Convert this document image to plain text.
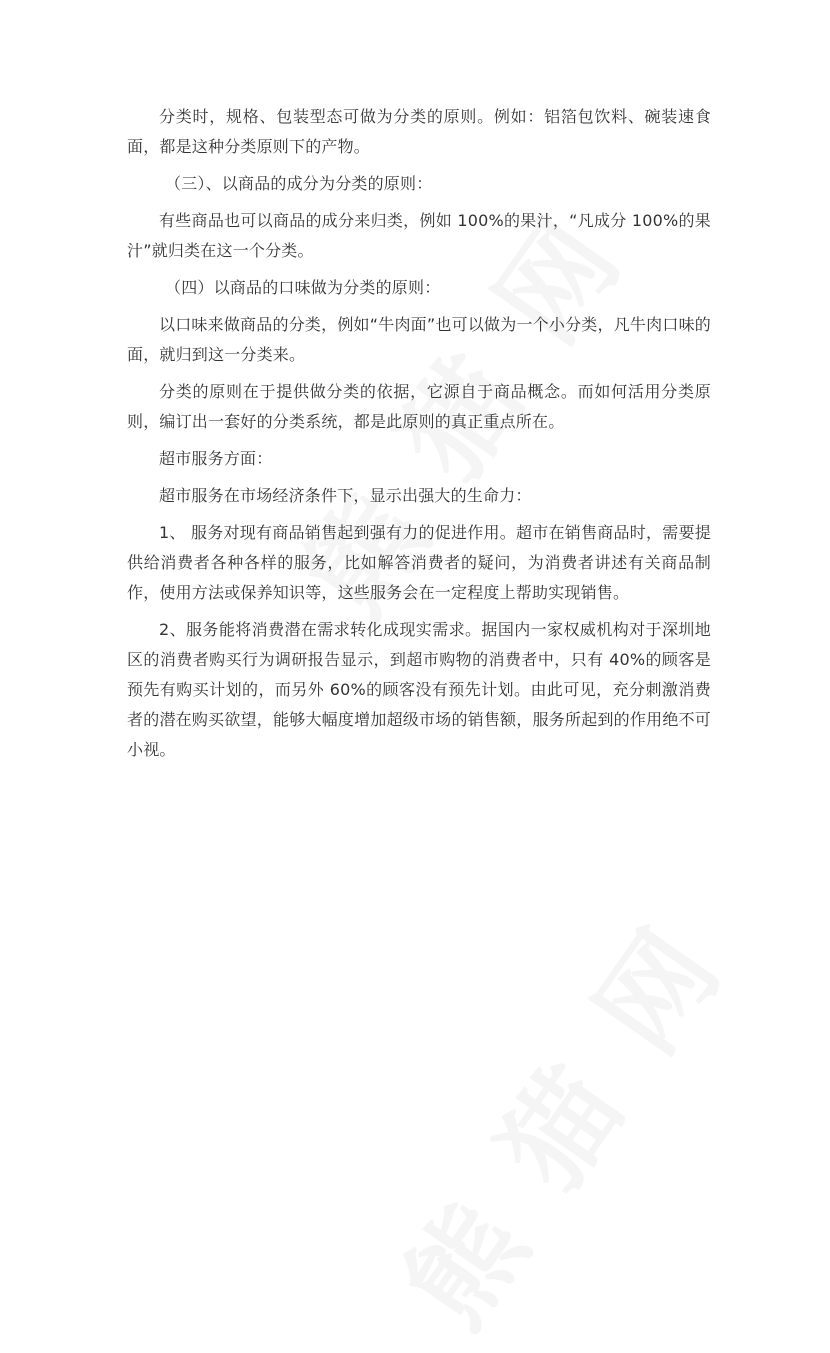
分类时，规格、包装型态可做为分类的原则。例如：铝箔包饮料、碗装速食面，都是这种分类原则下的产物。

（三）、以商品的成分为分类的原则：

有些商品也可以商品的成分来归类，例如 100%的果汁，“凡成分 100%的果汁”就归类在这一个分类。

（四）以商品的口味做为分类的原则：

以口味来做商品的分类，例如“牛肉面”也可以做为一个小分类，凡牛肉口味的面，就归到这一分类来。

分类的原则在于提供做分类的依据，它源自于商品概念。而如何活用分类原则，编订出一套好的分类系统，都是此原则的真正重点所在。

超市服务方面：

超市服务在市场经济条件下，显示出强大的生命力：

1、 服务对现有商品销售起到强有力的促进作用。超市在销售商品时，需要提供给消费者各种各样的服务，比如解答消费者的疑问，为消费者讲述有关商品制作，使用方法或保养知识等，这些服务会在一定程度上帮助实现销售。

2、服务能将消费潜在需求转化成现实需求。据国内一家权威机构对于深圳地区的消费者购买行为调研报告显示，到超市购物的消费者中，只有 40%的顾客是预先有购买计划的，而另外 60%的顾客没有预先计划。由此可见，充分刺激消费者的潜在购买欲望，能够大幅度增加超级市场的销售额，服务所起到的作用绝不可小视。
